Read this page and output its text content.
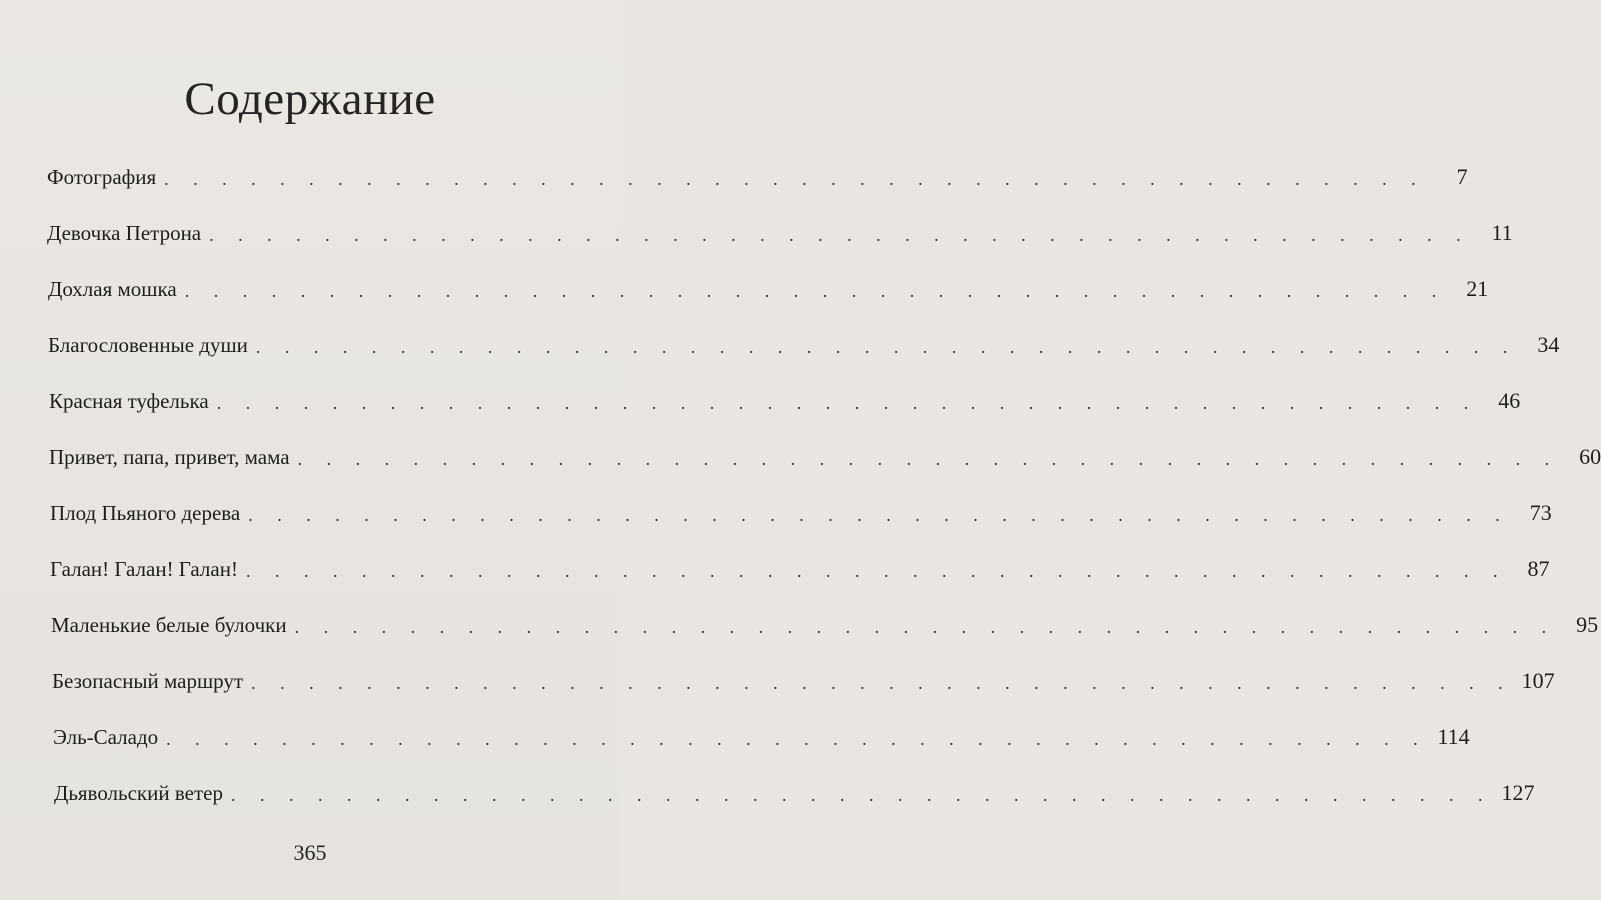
Содержание
Фотография . . . . . . . . . . . . . . . . . . . . . . . . . . . . . . . . . . . . . . . . . . . .	7
Девочка Петрона . . . . . . . . . . . . . . . . . . . . . . . . . . . . . . . . . . . . . . . . . . . . 11
Дохлая мошка . . . . . . . . . . . . . . . . . . . . . . . . . . . . . . . . . . . . . . . . . . . . 21
Благословенные души . . . . . . . . . . . . . . . . . . . . . . . . . . . . . . . . . . . . . . . . . . . . 34
Красная туфелька . . . . . . . . . . . . . . . . . . . . . . . . . . . . . . . . . . . . . . . . . . . . 46
Привет, папа, привет, мама . . . . . . . . . . . . . . . . . . . . . . . . . . . . . . . . . . . . . . . . . . . . 60
Плод Пьяного дерева . . . . . . . . . . . . . . . . . . . . . . . . . . . . . . . . . . . . . . . . . . . . 73
Галан! Галан! Галан! . . . . . . . . . . . . . . . . . . . . . . . . . . . . . . . . . . . . . . . . . . . . 87
Маленькие белые булочки . . . . . . . . . . . . . . . . . . . . . . . . . . . . . . . . . . . . . . . . . . . . 95
Безопасный маршрут . . . . . . . . . . . . . . . . . . . . . . . . . . . . . . . . . . . . . . . . . . . . 107
Эль-Саладо . . . . . . . . . . . . . . . . . . . . . . . . . . . . . . . . . . . . . . . . . . . . 114
Дьявольский ветер . . . . . . . . . . . . . . . . . . . . . . . . . . . . . . . . . . . . . . . . . . . . 127
365
